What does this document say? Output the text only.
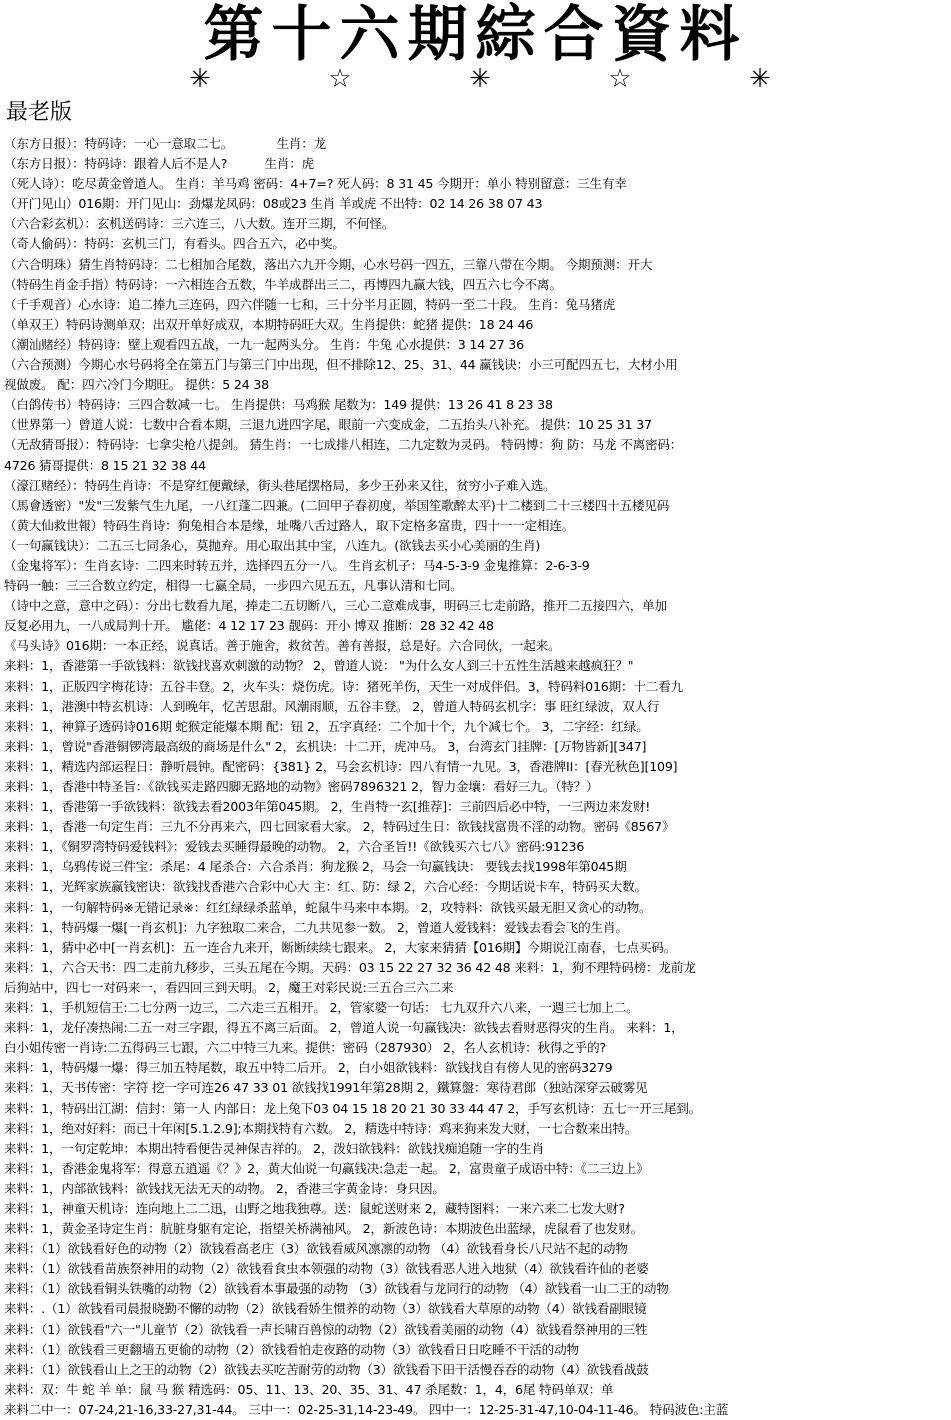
第十六期綜合資料
✳	☆	✳	☆	✳
最老版
（东方日报）：特码诗：一心一意取二七。　　　　生肖：龙
（东方日报）：特码诗：跟着人后不是人?　　　生肖：虎
（死人诗）：吃尽黄金曾道人。 生肖：羊马鸡 密码：4+7=? 死人码：8 31 45 今期开：单小 特别留意：三生有幸
（开门见山）016期：开门见山：劲爆龙凤码：08或23 生肖 羊或虎 不出特：02 14 26 38 07 43
（六合彩玄机）：玄机送码诗：三六连三，八大数。连开三期，不何怪。
（奇人偷码）：特码：玄机三门，有看头。四合五六，必中奖。
（六合明珠）猜生肖特码诗：二七相加合尾数，落出六九开今期，心水号码一四五，三靠八带在今期。 今期预测：开大
（特码生肖金手指）特码诗：一六相连合五数，牛羊成群出三二，再博四九赢大钱，四五六七今不离。
（千手观音）心水诗：追二捧九三连码，四六伴随一七和，三十分半月正圆，特码一至二十段。 生肖：兔马猪虎
（单双王）特码诗测单双：出双开单好成双，本期特码旺大双。生肖提供：蛇猪 提供：18 24 46
（潮汕赌经）特码诗：壁上观看四五战，一九一起两头分。 生肖：牛兔 心水提供：3 14 27 36
（六合预测）今期心水号码将全在第五门与第三门中出现，但不排除12、25、31、44 赢钱诀：小三可配四五七，大材小用
视做废。 配：四六冷门今期旺。 提供：5 24 38
（白鸽传书）特码诗：三四合数减一七。 生肖提供：马鸡猴 尾数为：149 提供：13 26 41 8 23 38
（世界第一）曾道人说：七数中合看本期，三退九进四字尾，眼前一六变成金，二五抬头八补充。 提供：10 25 31 37
（无敌猜哥报）：特码诗：七拿尖枪八提剑。 猜生肖：一七成排八相连，二九定数为灵码。 特码博：狗 防：马龙 不离密码：
4726 猜哥提供：8 15 21 32 38 44
（濠江赌经）：特码生肖诗：不是穿红便戴绿，街头巷尾摆格局，多少王孙来又往，贫穷小子难入选。
（馬會透密）"发"三发紫气生九尾，一八红蓬二四兼。(二回甲子春初度，举国笙歌醉太平)十二楼到二十三楼四十五楼见码
（黄大仙救世報）特码生肖诗：狗兔相合本是缘，址嘴八舌过路人，取下定格多富贵，四十一一定相连。
（一句赢钱诀）：二五三七同条心，莫抛弃。用心取出其中宝，八连九。(欲钱去买小心美丽的生肖)
（金鬼将军）：生肖玄诗：二四来时转五并，选择四五分一八。 生肖玄机子：马4-5-3-9 金鬼推算：2-6-3-9
特码一触：三三合数立约定，相得一七赢全局，一步四六见五五，凡事认清和七同。
（诗中之意，意中之码）：分出七数看九尾，捧走二五切断八，三心二意难成事，明码三七走前路，推开二五接四六，单加
反复必用九，一八成局判十开。 尴佬：4 12 17 23 靓码：开小 博双 推断：28 32 42 48
《马头诗》016期：一本正经，说真话。善于施舍，救贫苦。善有善报，总是好。六合同伙，一起来。
来料：1，香港第一手欲钱料：欲钱找喜欢刺激的动物？ 2，曾道人说： "为什么女人到三十五性生活越来越疯狂？"
来料：1，正版四字梅花诗：五谷丰登。2，火车头：烧伤虎。诗：猪死羊伤，天生一对成伴侣。3，特码料016期：十二看九
来料：1，港澳中特玄机诗：人到晚年，忆苦思甜。风潮雨顺，五谷丰登。 2，曾道人特码玄机字：事 旺红绿波，双人行
来料：1，神算子透码诗016期 蛇猴定能爆本期 配：钮 2，五字真经：二个加十个，九个减七个。 3，二字经：红绿。
来料：1，曾说"香港铜锣湾最高级的商场是什么" 2，玄机诀：十二开，虎冲马。 3，台湾玄门挂牌：[万物皆新][347]
来料：1，精选内部运程日：静听晨钟。配密码：{381} 2，马会玄机诗：四八有情一九见。3，香港牌II：[春光秋色][109]
来料：1，香港中特圣旨：《欲钱买走路四脚无路地的动物》密码7896321 2，智力金壤：看好三九。（特？）
来料：1，香港第一手欲钱料：欲钱去看2003年第045期。 2，生肖特一玄[推荐]：三前四后必中特，一三两边来发财!
来料：1，香港一句定生肖：三九不分再来六，四七回家看大家。 2，特码过生日：欲钱找富贵不淫的动物。密码《8567》
来料：1，《铜罗湾特码爱钱料》：爱钱去买睡得最晚的动物。 2，六合圣旨!!《欲钱买六七八》密码:91236
来料：1，乌鸦传说三件宝：杀尾：4 尾杀合：六合杀肖：狗龙猴 2，马会一句赢钱诀： 要钱去找1998年第045期
来料：1，光辉家族赢钱密诀：欲钱找香港六合彩中心大 主：红、防：绿 2，六合心经：今期话说卡车，特码买大数。
来料：1，一句解特码※无错记录※：红红绿绿杀蓝单，蛇鼠牛马来中本期。 2，攻特料：欲钱买最无胆又贪心的动物。
来料：1，特码爆一爆[一肖玄机]：九字独取二来合，二九共见参一数。 2，曾道人爱钱料：爱钱去看会飞的生肖。
来料：1，猜中必中[一肖玄机]：五一连合九来开，断断续续七跟来。 2，大家来猜猜【016期】今期说江南春，七点买码。
来料：1，六合天书：四二走前九移步，三头五尾在今期。天码：03 15 22 27 32 36 42 48 来料：1，狗不理特码榜：龙前龙
后狗站中，四七一对码来一，看四回三到天明。 2，魔王对彩民说:三五合三六二来
来料：1，手机短信王:二七分两一边三，二六走三五相开。 2，管家婆一句话： 七九双升六八来，一週三七加上二。
来料：1，龙仔凑热闹:二五一对三字跟，得五不离三后面。 2，曾道人说一句赢钱决：欲钱去看财恶得灾的生肖。 来料：1，
白小姐传密一肖诗:二五得码三七跟，六二中特三九来。提供：密码（287930） 2，名人玄机诗：秋得之乎的?
来料：1，特码爆一爆：得三加五特尾数，取五中特二后开。 2，白小姐欲钱料：欲钱找自有傍人见的密码3279
来料：1，天书传密：字符 挖一字可连26 47 33 01 欲钱找1991年第28期 2，鐵算盤：寒待君郎（独站深穿云破雾见
来料：1，特码出江湖：信封：第一人 内部日：龙上兔下03 04 15 18 20 21 30 33 44 47 2，手写玄机诗：五七一开三尾到。
来料：1，绝对好料：而已十年闲[5.1.2.9];本期找特有六数。 2，精选中特诗：鸡来狗来发大财，一七合数来出特。
来料：1，一句定乾坤：本期出特看便告灵神保吉祥的。 2，泼妇欲钱料：欲钱找痴追随一字的生肖
来料：1，香港金鬼将军：得意五逍遥《？》2，黄大仙说一句赢钱决:急走一起。 2，富贵童子成语中特：《二三边上》
来料：1，内部欲钱料：欲钱找无法无天的动物。 2，香港三字黄金诗：身只因。
来料：1，神童天机诗：连向地上二二迅，山野之地我独尊。送：鼠蛇送财来 2，藏特图料：一来六来二七发大财?
来料：1，黄金圣诗定生肖：肮脏身躯有定论，指望关桥满袖风。 2，新波色诗：本期波色出蓝绿，虎鼠看了也发财。
来料：（1）欲钱看好色的动物（2）欲钱看高老庄（3）欲钱看威风凛凛的动物 （4）欲钱看身长八尺站不起的动物
来料：（1）欲钱看苗族祭神用的动物（2）欲钱看食虫本领强的动物（3）欲钱看恶人进入地狱（4）欲钱看许仙的老婆
来料：（1）欲钱看铜头铁嘴的动物（2）欲钱看本事最强的动物 （3）欲钱看与龙同行的动物 （4）欲钱看一山二王的动物
来料：.（1）欲钱看司晨报晓勤不懈的动物（2）欲钱看娇生惯养的动物（3）欲钱看大草原的动物（4）欲钱看副眼镜
来料：（1）欲钱看"六一"儿童节（2）欲钱看一声长啸百兽惊的动物（2）欲钱看美丽的动物（4）欲钱看祭神用的三牲
来料：（1）欲钱看三更翻墙五更偷的动物（2）欲钱看怕走夜路的动物（3）欲钱看日日吃睡不干活的动物
来料：（1）欲钱看山上之王的动物（2）欲钱去买吃苦耐劳的动物（3）欲钱看下田干活慢吞吞的动物（4）欲钱看战鼓
来料：双：牛 蛇 羊 单：鼠 马 猴 精选码：05、11、13、20、35、31、47 杀尾数：1，4，6尾 特码单双：单
来料二中一：07-24,21-16,33-27,31-44。 三中一：02-25-31,14-23-49。 四中一：12-25-31-47,10-04-11-46。 特码波色:主蓝
